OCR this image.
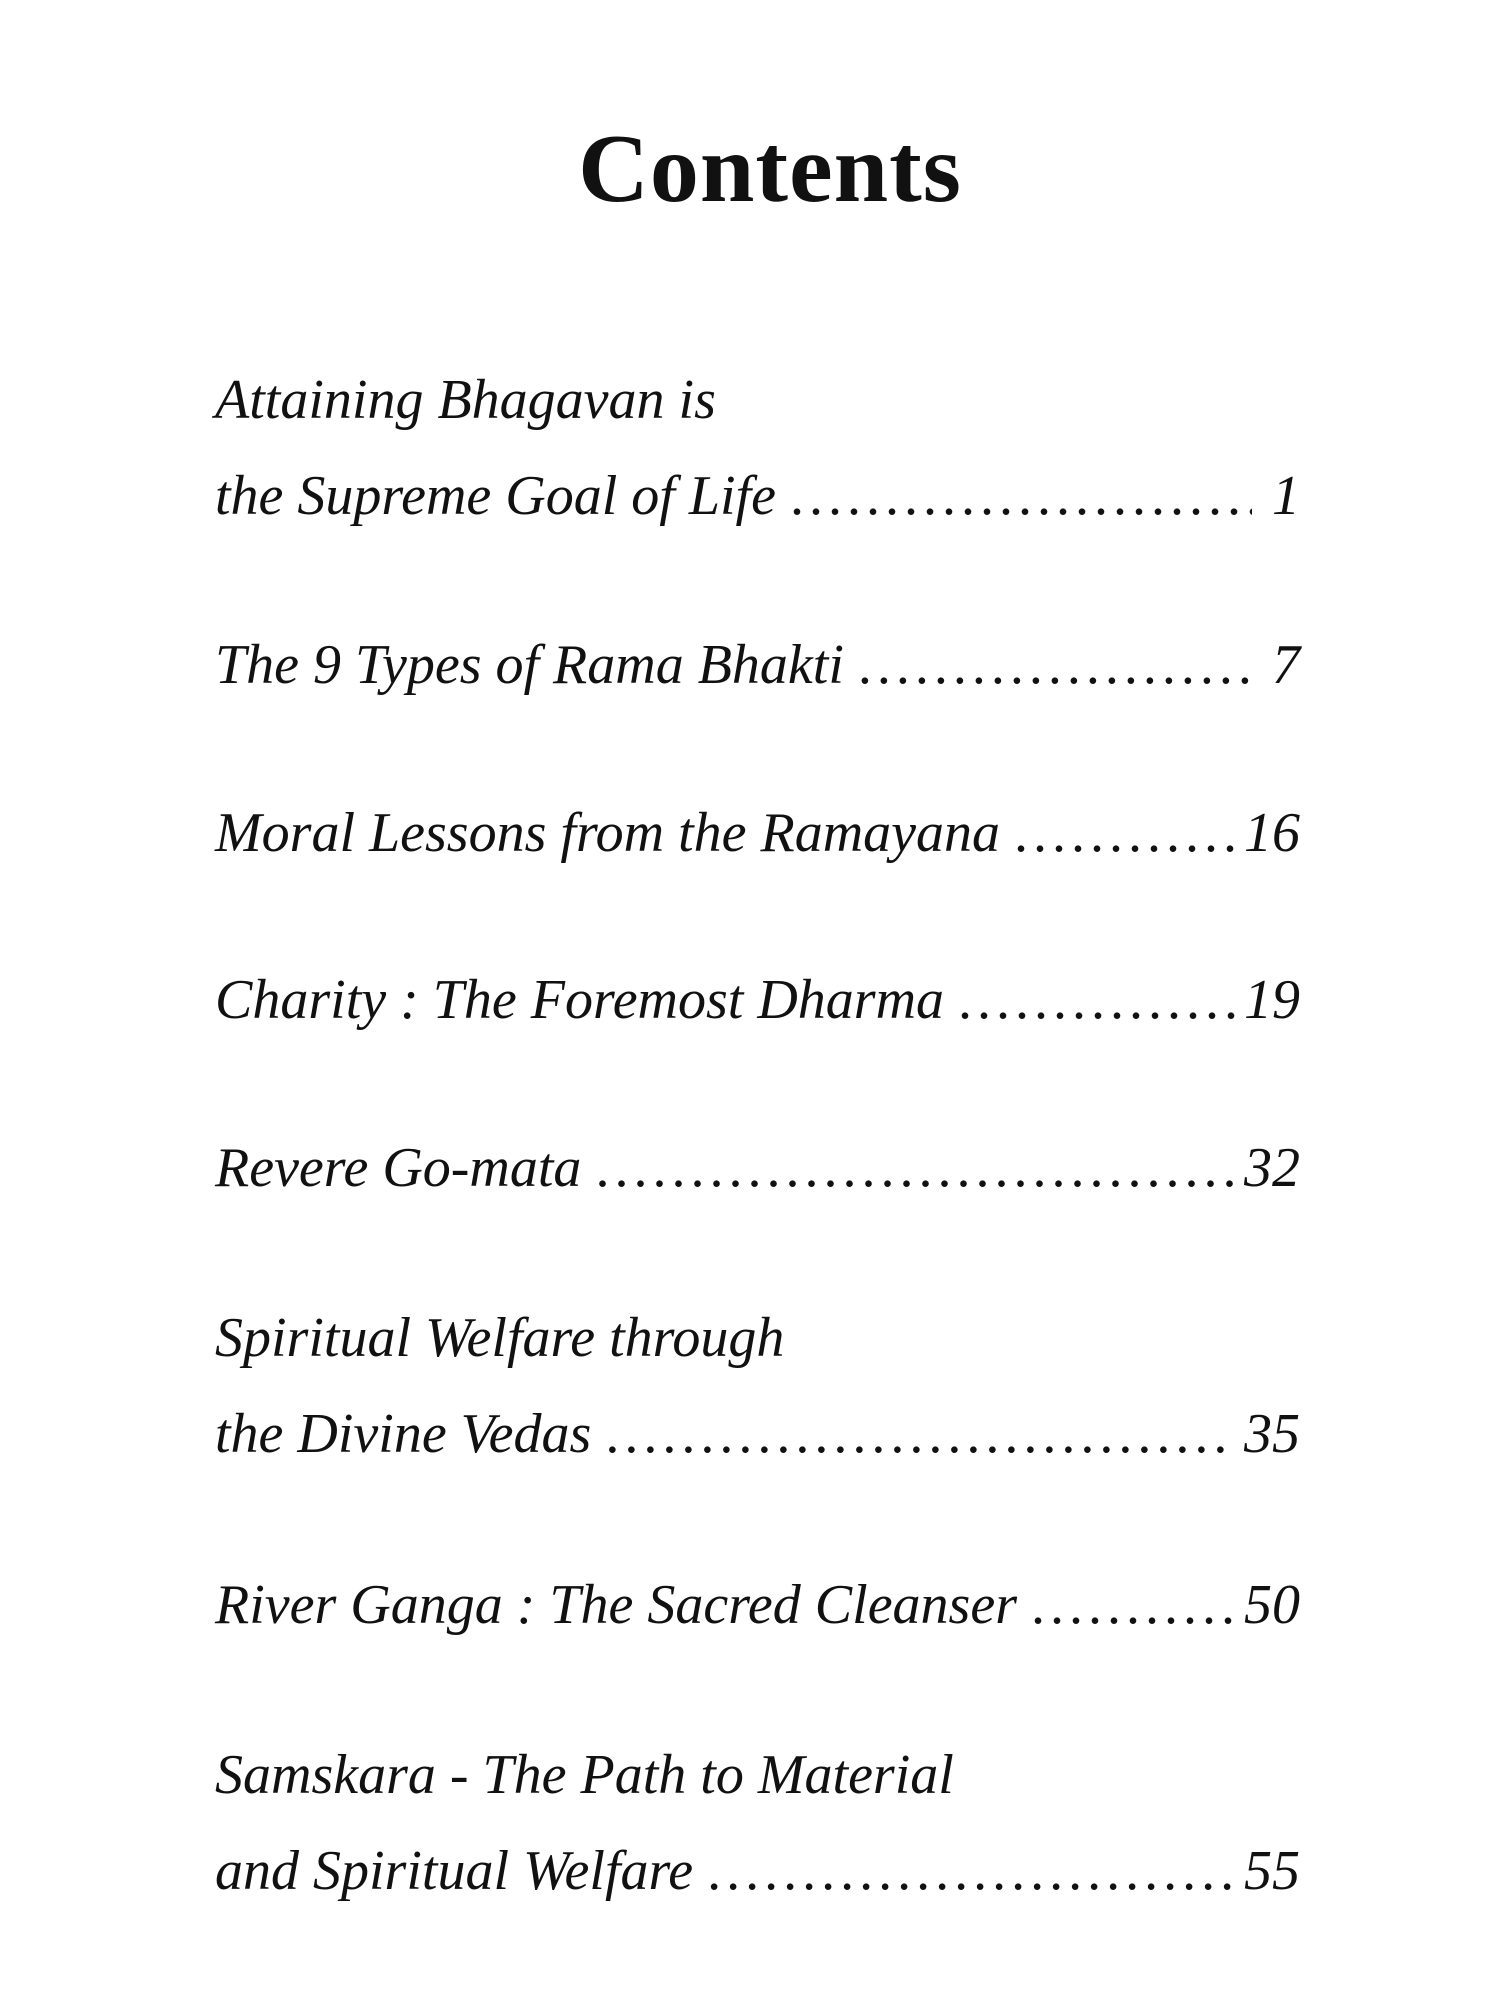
Contents
Attaining Bhagavan is
the Supreme Goal of Life .....	1
The 9 Types of Rama Bhakti .....	7
Moral Lessons from the Ramayana .....	16
Charity : The Foremost Dharma .....	19
Revere Go-mata .....	32
Spiritual Welfare through
the Divine Vedas .....	35
River Ganga : The Sacred Cleanser .....	50
Samskara - The Path to Material
and Spiritual Welfare .....	55
